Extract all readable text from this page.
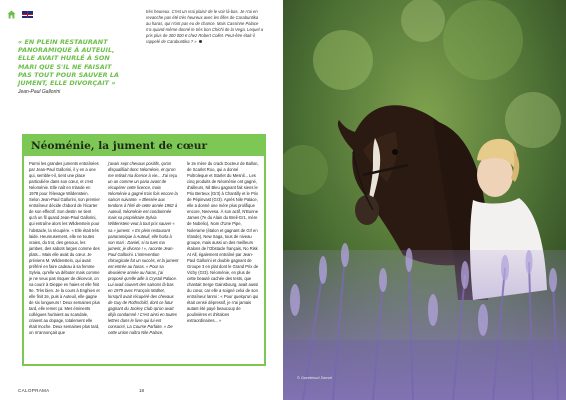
très heureux. C'est un vrai plaisir de le voir là-bas. Je n'ai en revanche pas été très heureux avec les filles de Carabuntika au haras, qui n'ont pas eu de chance. Mais Cassinne Palace n'a quand-même donné le très bon Chichi de la Vega. Lequel a pris plus de 300 000 € chez Robert Collet. Peut-être était-il rappelé de Carabuntika ? »
« EN PLEIN RESTAURANT PANORAMIQUE À AUTEUIL, ELLE AVAIT HURLÉ À SON MARI QUE S'IL NE FAISAIT PAS TOUT POUR SAUVER LA JUMENT, ELLE DIVORÇAIT »
Jean-Paul Gallorini
Néoménie, la jument de cœur

Parmi les grandes juments entraînées par Jean-Paul Gallorini, il y en a une qui, semble-t-il, tient une place particulière dans son cœur, et c'est Néoménie. Elle naît en Irlande en 1978 pour l'élevage Wildenstein. Selon Jean-Paul Gallorini, son premier entraîneur décide d'abord de l'écarter de son effectif. Son destin ne tient qu'à un fil quand Jean-Paul Gallorini, qui entraîne alors les Wildenstein pour l'obstacle, la récupère. « Elle était très laide. Heureusement, elle ne toutes vraies, du trot, des genoux, les jambes, des sabots larges comme des plats... Mais elle avait du cœur. Je préviens M. Wildenstein, qui avait préféré en faire cadeau à sa femme Sylvia, qu'elle va débuter mais comme je ne veux pas risquer de décevoir, on va courir à Dieppe en haies et elle finit 9e. Très bien. Je la cours à Enghien et elle finit 2e, puis à Auteuil, elle gagne de six longueurs ! Deux semaines plus tard, elle remet ça. Mes éminents collègues hurlaient au scandale, criaient au dopage, totalement elle était moche. Deux semaines plus tard, on m'annonçait que

j'avais sept chevaux positifs, qu'on disqualifiait donc Néoménie, et qu'on me retirait ma licence à vie... J'ai reçu un an comme un paria avant de récupérer cette licence, mais Néoménie a gagné trois fois encore la saison suivante. » Blessée aux tendons à l'été de cette année 1982 à Auteuil, Néoménie est condamnée mais sa propriétaire Sylvia Wildenstein veut à tout prix sauver « sa » jument. « En plein restaurant panoramique à Auteuil, elle hurla à son mari : Daniel, si tu tues ma jument, je divorce ! », raconte Jean-Paul Gallorini. L'intervention chirurgicale fut un succès, et la jument est entrée au haras. « Pour sa deuxième année au haras, j'ai proposé qu'elle aille à Crystal Palace. Lui avait couvert des saisons là-bas en 1979 avec François Mathet, lorsqu'il avait récupéré des chevaux de Guy de Rothschild, dont ce futur gagnant du Jockey Club qu'on avait déjà condamné ! C'est ainsi en toutes lettres dans le livre qui lui est consacré, La Course Parfaite. » De cette union naîtra Nile Palace,

le 2e mère du crack Docteur de Ballon, de Scarlet Roo, qui a donné Poltroleque et Starlet du Mesnil... Les cinq produits de Néoménie ont gagné, d'ailleurs, Nil Bleu gagnant fait siens le Prix Berteux (Gr3) à Chantilly et le Prix de Pépinvast (Gr3). Après Nile Palace, elle a donné une mère plus prolifique encore, Neevesa. À son actif, N'Bonne James (7e du Alain du Breil-Gr1, mère de Nobelio), Nom d'Une Pipe, Nolerame (étalon et gagnant de Grl en Irlande), New Saga, tous de niveau groupe, mais aussi un des meilleurs étalons de l'Obstacle français, No Risk At All, également entraîné par Jean-Paul Gallorini et double gagnant de Groupe 3 en plat dont le Grand Prix de Vichy (Gr3). Néoménie, en plus de cette beauté cachée des tests, que chantait Serge Gainsbourg, avait aussi du cœur, car elle a soigné celui de son entraîneur lanmi : « Pour quelqu'un qui était censé dépressif, je n'ai jamais autant été payé beaucoup de poulinières et d'étalons extraordinaires... »

CALOPRAMA	18
© Gazeteoud Sansel
